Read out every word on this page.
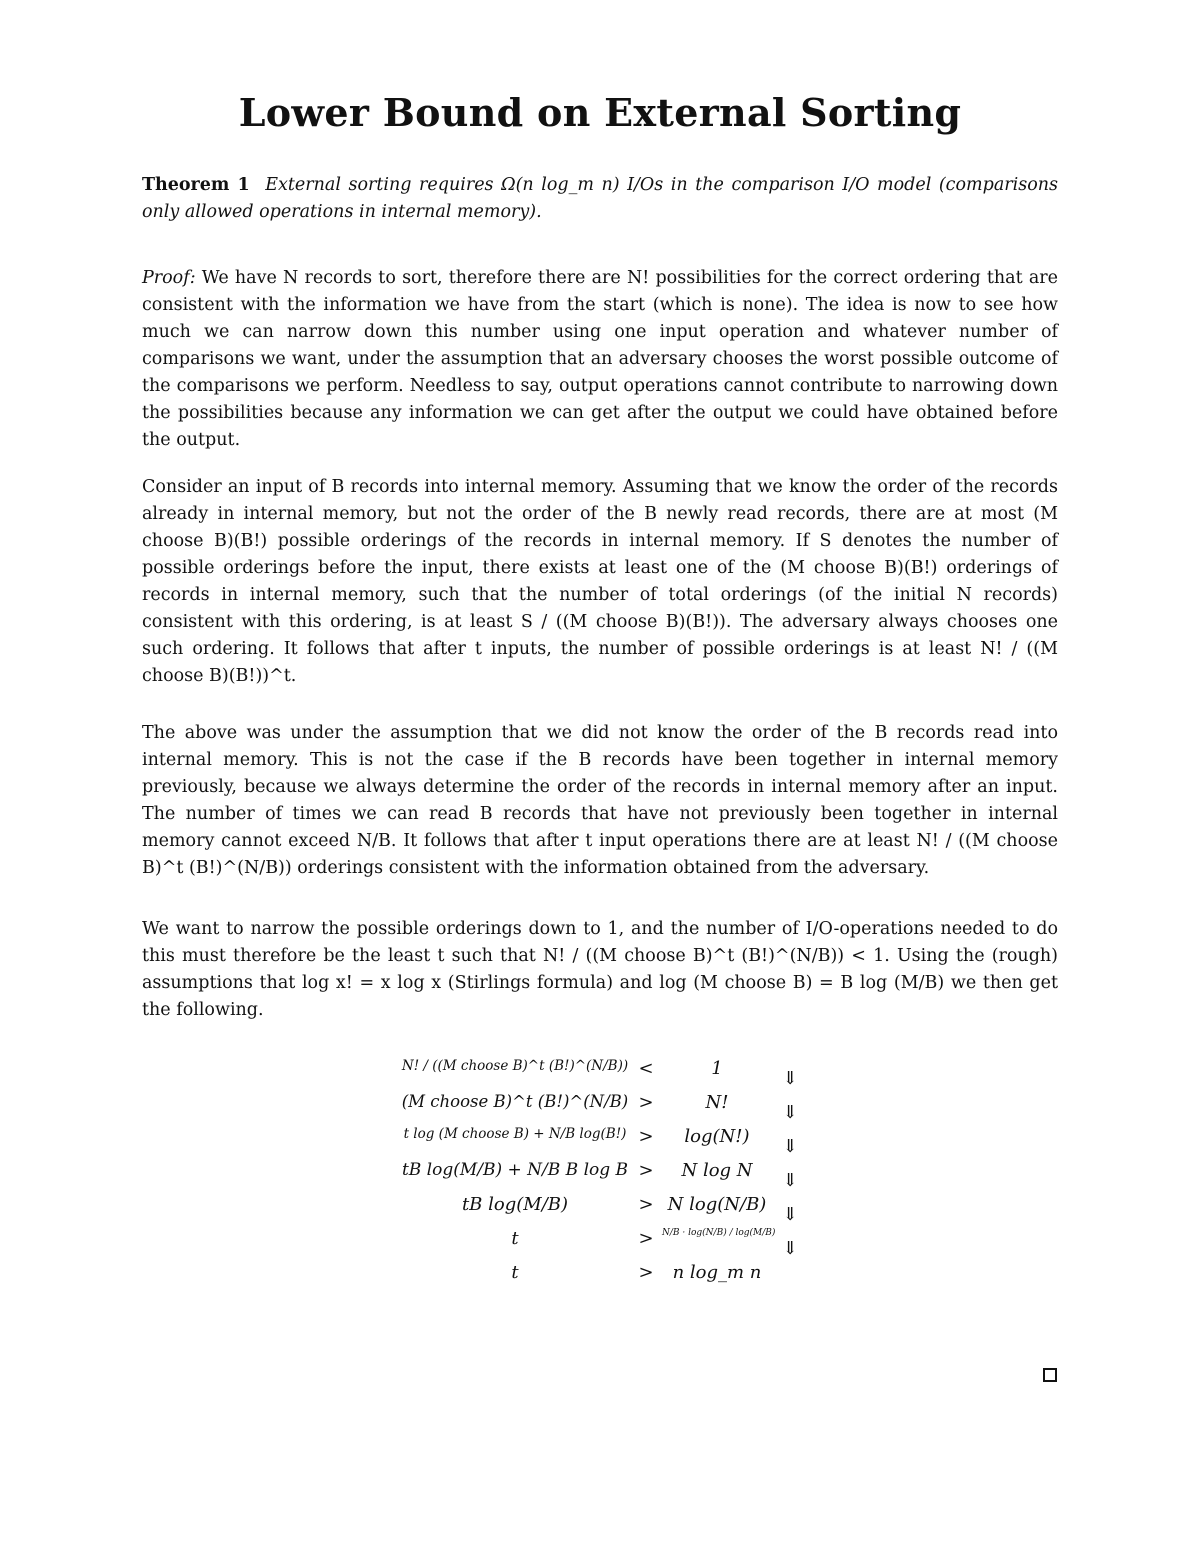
Lower Bound on External Sorting
Theorem 1 External sorting requires Ω(n log_m n) I/Os in the comparison I/O model (comparisons only allowed operations in internal memory).
Proof: We have N records to sort, therefore there are N! possibilities for the correct ordering that are consistent with the information we have from the start (which is none). The idea is now to see how much we can narrow down this number using one input operation and whatever number of comparisons we want, under the assumption that an adversary chooses the worst possible outcome of the comparisons we perform. Needless to say, output operations cannot contribute to narrowing down the possibilities because any information we can get after the output we could have obtained before the output.
Consider an input of B records into internal memory. Assuming that we know the order of the records already in internal memory, but not the order of the B newly read records, there are at most (M choose B)(B!) possible orderings of the records in internal memory. If S denotes the number of possible orderings before the input, there exists at least one of the (M choose B)(B!) orderings of records in internal memory, such that the number of total orderings (of the initial N records) consistent with this ordering, is at least S / ((M choose B)(B!)). The adversary always chooses one such ordering. It follows that after t inputs, the number of possible orderings is at least N! / ((M choose B)(B!))^t.
The above was under the assumption that we did not know the order of the B records read into internal memory. This is not the case if the B records have been together in internal memory previously, because we always determine the order of the records in internal memory after an input. The number of times we can read B records that have not previously been together in internal memory cannot exceed N/B. It follows that after t input operations there are at least N! / ((M choose B)^t (B!)^(N/B)) orderings consistent with the information obtained from the adversary.
We want to narrow the possible orderings down to 1, and the number of I/O-operations needed to do this must therefore be the least t such that N! / ((M choose B)^t (B!)^(N/B)) < 1. Using the (rough) assumptions that log x! = x log x (Stirlings formula) and log (M choose B) = B log (M/B) we then get the following.
N! / ((M choose B)^t (B!)^(N/B)) <	1	⇓
(M choose B)^t (B!)^(N/B) >	N!	⇓
t log (M choose B) + N/B log(B!) >	log(N!)	⇓
tB log(M/B) + N/B B log B >	N log N	⇓
tB log(M/B)	> N log(N/B) ⇓
t	> N/B · log(N/B) / log(M/B)
⇓
t	>	n log_m n
